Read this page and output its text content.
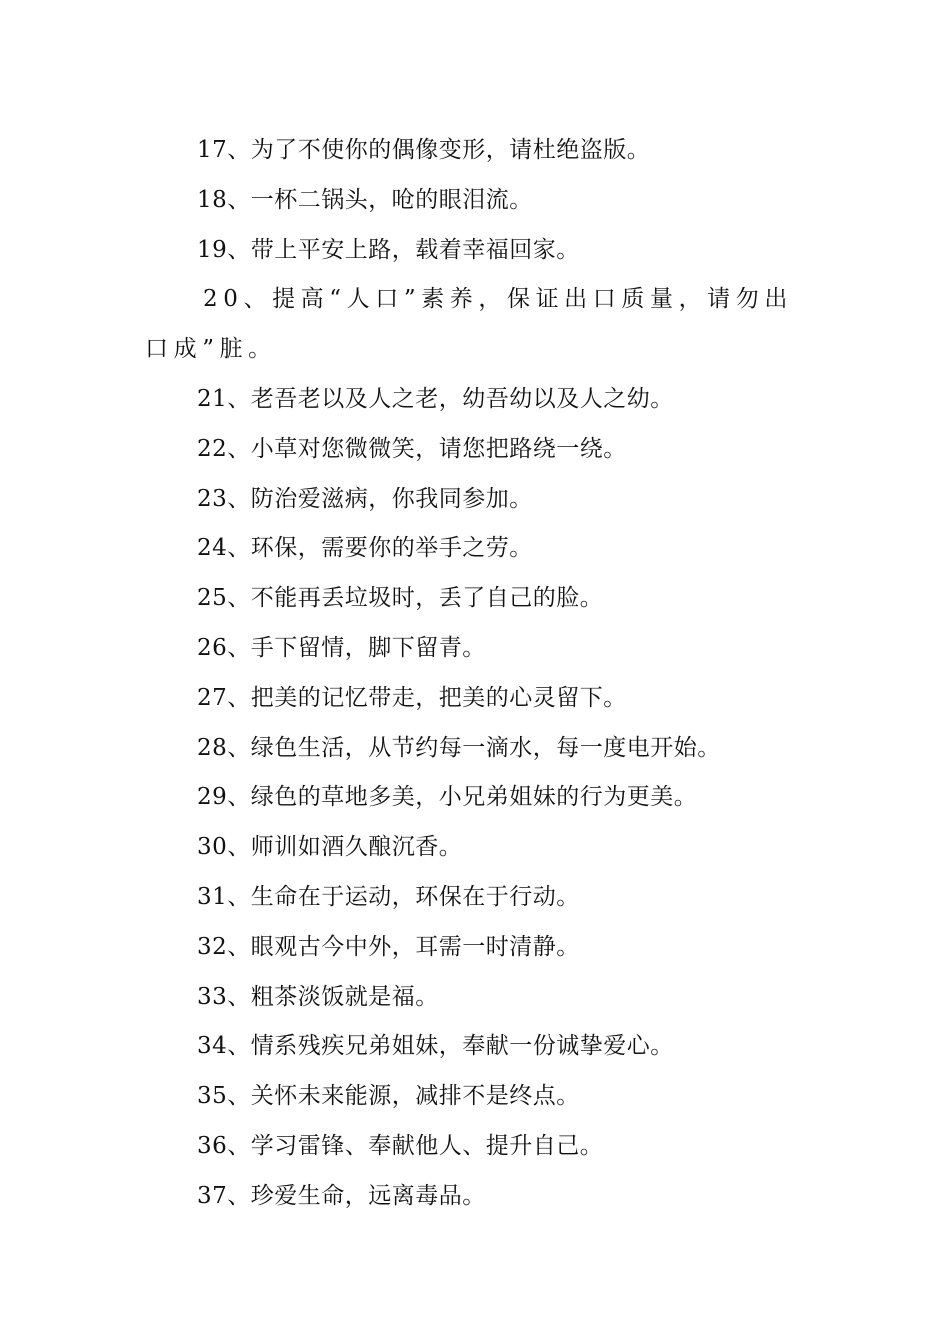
17、为了不使你的偶像变形，请杜绝盗版。
18、一杯二锅头，呛的眼泪流。
19、带上平安上路，载着幸福回家。
20、提高“人口”素养，保证出口质量，请勿出口成”脏。
21、老吾老以及人之老，幼吾幼以及人之幼。
22、小草对您微微笑，请您把路绕一绕。
23、防治爱滋病，你我同参加。
24、环保，需要你的举手之劳。
25、不能再丢垃圾时，丢了自己的脸。
26、手下留情，脚下留青。
27、把美的记忆带走，把美的心灵留下。
28、绿色生活，从节约每一滴水，每一度电开始。
29、绿色的草地多美，小兄弟姐妹的行为更美。
30、师训如酒久酿沉香。
31、生命在于运动，环保在于行动。
32、眼观古今中外，耳需一时清静。
33、粗茶淡饭就是福。
34、情系残疾兄弟姐妹，奉献一份诚挚爱心。
35、关怀未来能源，减排不是终点。
36、学习雷锋、奉献他人、提升自己。
37、珍爱生命，远离毒品。
